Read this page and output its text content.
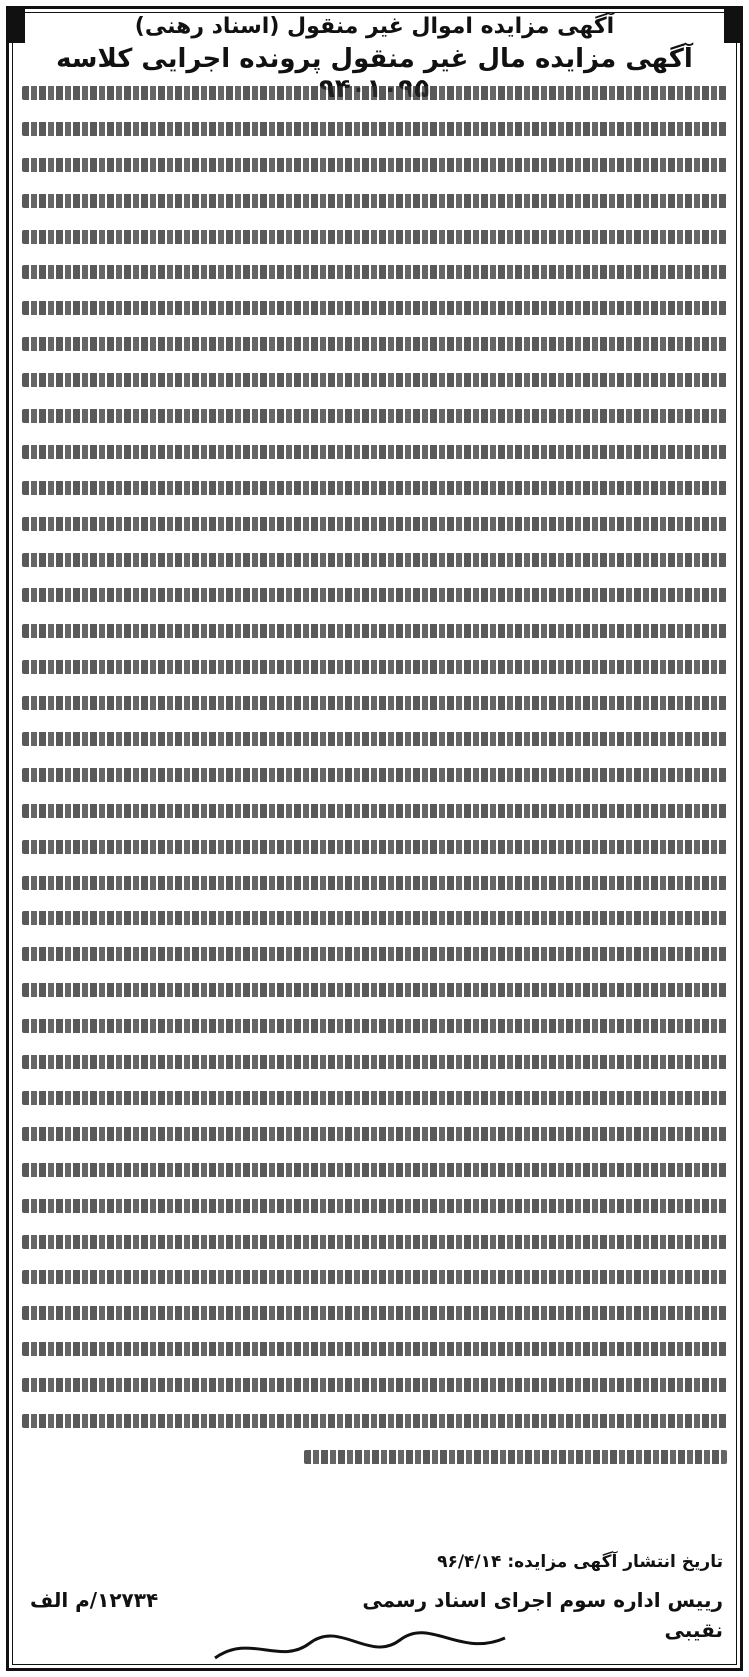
آگهی مزایده اموال غیر منقول (اسناد رهنی)
آگهی مزایده مال غیر منقول پرونده اجرایی کلاسه
تاریخ انتشار آگهی مزایده: ۹۶/۴/۱۴
۱۲۷۳۴/م الف	رییس اداره سوم اجرای اسناد رسمی
نقیبی
